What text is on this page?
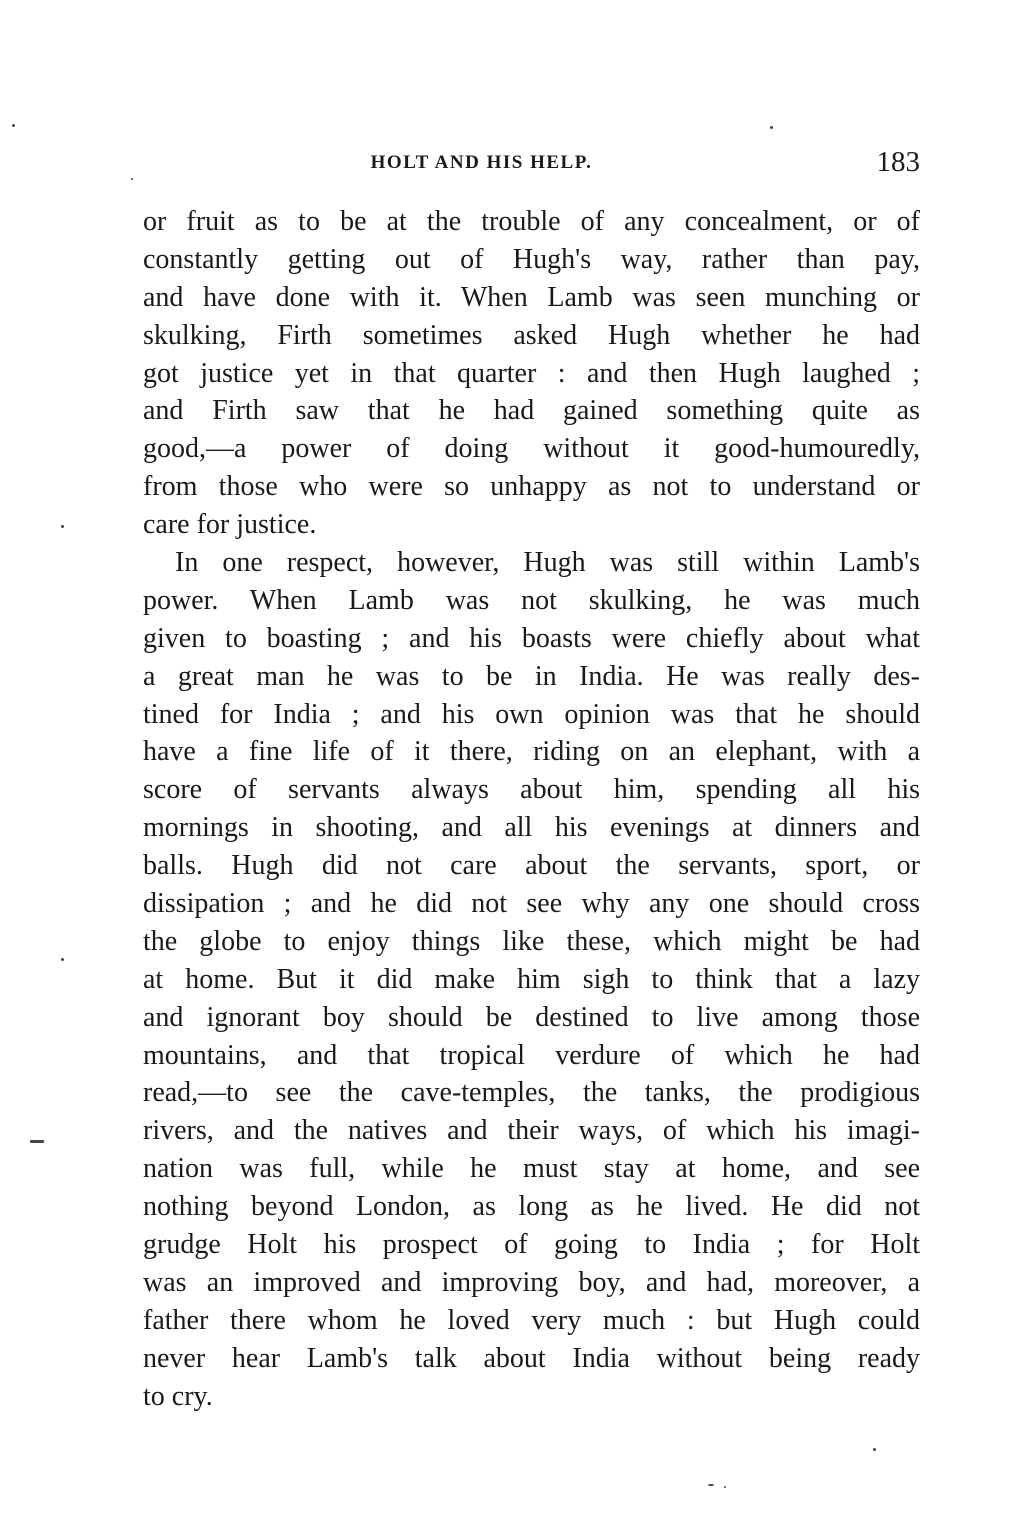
HOLT AND HIS HELP.	183
or fruit as to be at the trouble of any concealment, or of
constantly getting out of Hugh's way, rather than pay,
and have done with it. When Lamb was seen munching or
skulking, Firth sometimes asked Hugh whether he had
got justice yet in that quarter : and then Hugh laughed ;
and Firth saw that he had gained something quite as
good,—a power of doing without it good-humouredly,
from those who were so unhappy as not to understand or
care for justice.
In one respect, however, Hugh was still within Lamb's
power. When Lamb was not skulking, he was much
given to boasting ; and his boasts were chiefly about what
a great man he was to be in India. He was really des-
tined for India ; and his own opinion was that he should
have a fine life of it there, riding on an elephant, with a
score of servants always about him, spending all his
mornings in shooting, and all his evenings at dinners and
balls. Hugh did not care about the servants, sport, or
dissipation ; and he did not see why any one should cross
the globe to enjoy things like these, which might be had
at home. But it did make him sigh to think that a lazy
and ignorant boy should be destined to live among those
mountains, and that tropical verdure of which he had
read,—to see the cave-temples, the tanks, the prodigious
rivers, and the natives and their ways, of which his imagi-
nation was full, while he must stay at home, and see
nothing beyond London, as long as he lived. He did not
grudge Holt his prospect of going to India ; for Holt
was an improved and improving boy, and had, moreover, a
father there whom he loved very much : but Hugh could
never hear Lamb's talk about India without being ready
to cry.
